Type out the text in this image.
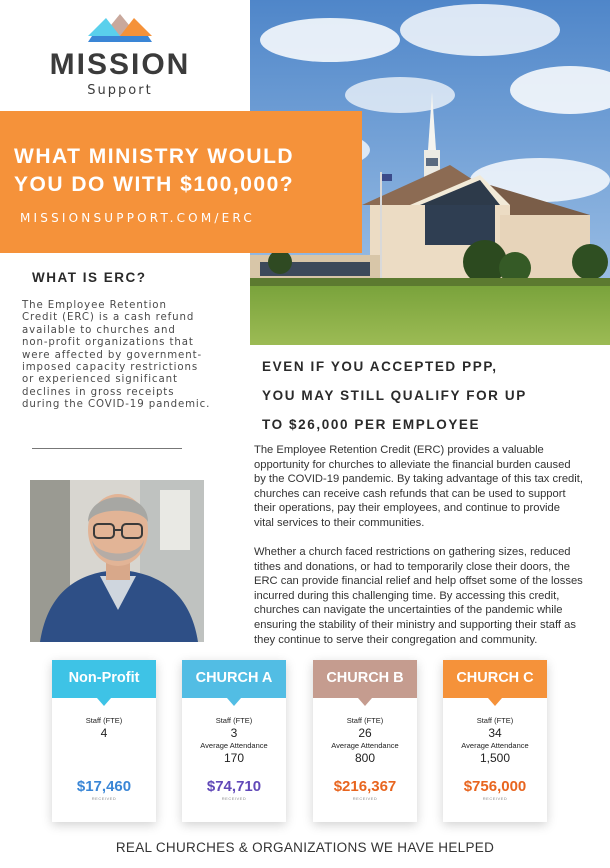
MISSION
Support
WHAT MINISTRY WOULD
YOU DO WITH $100,000?
MISSIONSUPPORT.COM/ERC
WHAT IS ERC?
The Employee Retention
Credit (ERC) is a cash refund
available to churches and
non-profit organizations that
were affected by government-
imposed capacity restrictions
or experienced significant
declines in gross receipts
during the COVID-19 pandemic.
EVEN IF YOU ACCEPTED PPP,
YOU MAY STILL QUALIFY FOR UP
TO $26,000 PER EMPLOYEE
The Employee Retention Credit (ERC) provides a valuable
opportunity for churches to alleviate the financial burden caused
by the COVID-19 pandemic. By taking advantage of this tax credit,
churches can receive cash refunds that can be used to support
their operations, pay their employees, and continue to provide
vital services to their communities.
Whether a church faced restrictions on gathering sizes, reduced
tithes and donations, or had to temporarily close their doors, the
ERC can provide financial relief and help offset some of the losses
incurred during this challenging time. By accessing this credit,
churches can navigate the uncertainties of the pandemic while
ensuring the stability of their ministry and supporting their staff as
they continue to serve their congregation and community.
Non-Profit
Staff (FTE)
4
$17,460
RECEIVED
CHURCH A
Staff (FTE)
3
Average Attendance
170
$74,710
RECEIVED
CHURCH B
Staff (FTE)
26
Average Attendance
800
$216,367
RECEIVED
CHURCH C
Staff (FTE)
34
Average Attendance
1,500
$756,000
RECEIVED
REAL CHURCHES & ORGANIZATIONS WE HAVE HELPED
